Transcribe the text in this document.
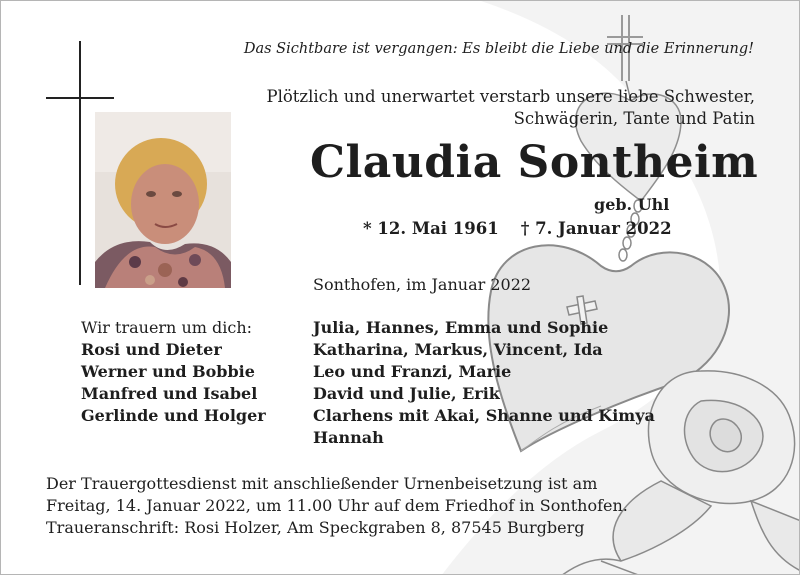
Das Sichtbare ist vergangen: Es bleibt die Liebe und die Erinnerung!
Plötzlich und unerwartet verstarb unsere liebe Schwester,
Schwägerin, Tante und Patin
Claudia Sontheim
geb. Uhl
* 12. Mai 1961 † 7. Januar 2022
Sonthofen, im Januar 2022
Wir trauern um dich:
Rosi und Dieter
Werner und Bobbie
Manfred und Isabel
Gerlinde und Holger
Julia, Hannes, Emma und Sophie
Katharina, Markus, Vincent, Ida
Leo und Franzi, Marie
David und Julie, Erik
Clarhens mit Akai, Shanne und Kimya
Hannah
Der Trauergottesdienst mit anschließender Urnenbeisetzung ist am
Freitag, 14. Januar 2022, um 11.00 Uhr auf dem Friedhof in Sonthofen.
Traueranschrift: Rosi Holzer, Am Speckgraben 8, 87545 Burgberg
